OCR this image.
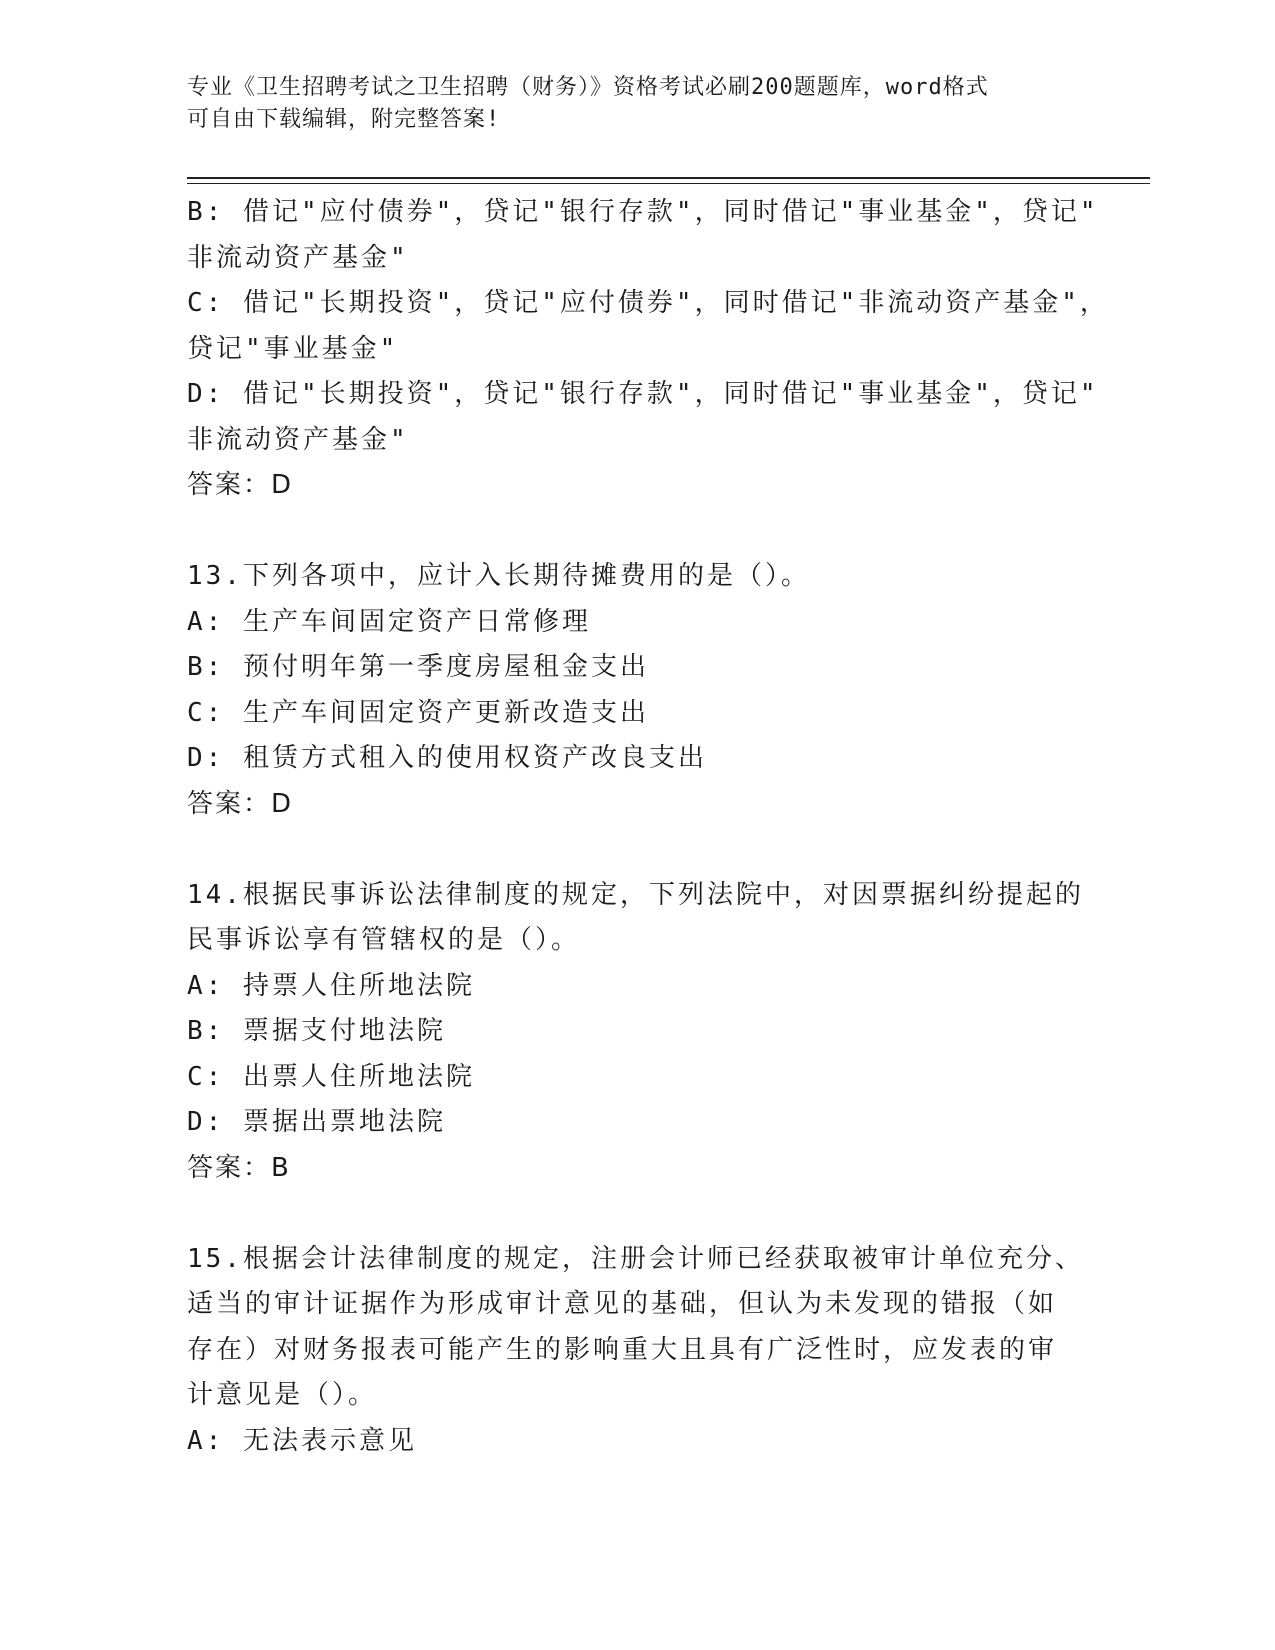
专业《卫生招聘考试之卫生招聘（财务）》资格考试必刷200题题库，word格式
可自由下载编辑，附完整答案!
B: 借记"应付债券"，贷记"银行存款"，同时借记"事业基金"，贷记"
非流动资产基金"
C: 借记"长期投资"，贷记"应付债券"，同时借记"非流动资产基金"，
贷记"事业基金"
D: 借记"长期投资"，贷记"银行存款"，同时借记"事业基金"，贷记"
非流动资产基金"
答案：D
13.下列各项中，应计入长期待摊费用的是（）。
A: 生产车间固定资产日常修理
B: 预付明年第一季度房屋租金支出
C: 生产车间固定资产更新改造支出
D: 租赁方式租入的使用权资产改良支出
答案：D
14.根据民事诉讼法律制度的规定，下列法院中，对因票据纠纷提起的
民事诉讼享有管辖权的是（）。
A: 持票人住所地法院
B: 票据支付地法院
C: 出票人住所地法院
D: 票据出票地法院
答案：B
15.根据会计法律制度的规定，注册会计师已经获取被审计单位充分、
适当的审计证据作为形成审计意见的基础，但认为未发现的错报（如
存在）对财务报表可能产生的影响重大且具有广泛性时，应发表的审
计意见是（）。
A: 无法表示意见
